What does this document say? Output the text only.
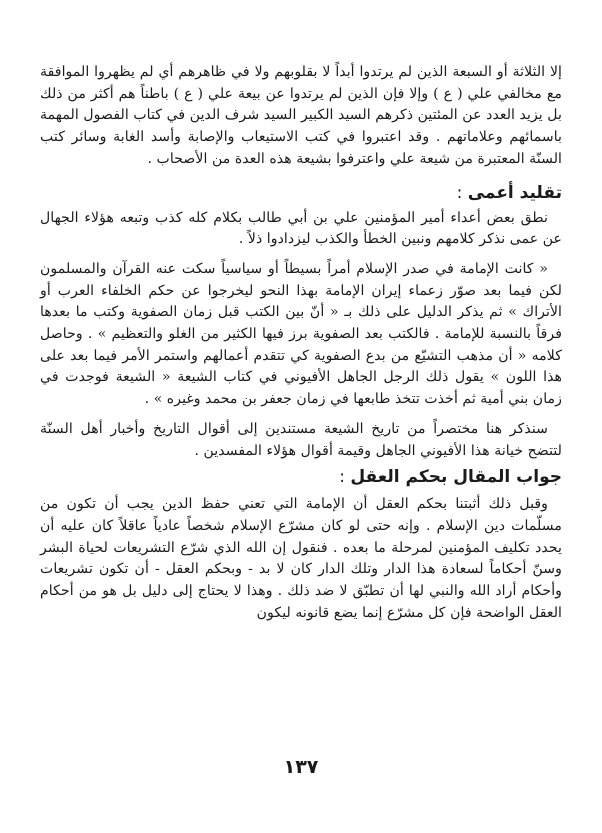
إلا الثلاثة أو السبعة الذين لم يرتدوا أبداً لا بقلوبهم ولا في ظاهرهم أي لم يظهروا الموافقة مع مخالفي علي ( ع ) وإلا فإن الذين لم يرتدوا عن بيعة علي ( ع ) باطناً هم أكثر من ذلك بل يزيد العدد عن المئتين ذكرهم السيد الكبير السيد شرف الدين في كتاب الفصول المهمة باسمائهم وعلاماتهم . وقد اعتبروا في كتب الاستيعاب والإصابة وأسد الغابة وسائر كتب السنّة المعتبرة من شيعة علي واعترفوا بشيعة هذه العدة من الأصحاب .

تقليد أعمى :

نطق بعض أعداء أمير المؤمنين علي بن أبي طالب بكلام كله كذب وتبعه هؤلاء الجهال عن عمى نذكر كلامهم ونبين الخطأ والكذب ليزدادوا ذلاً .

« كانت الإمامة في صدر الإسلام أمراً بسيطاً أو سياسياً سكت عنه القرآن والمسلمون لكن فيما بعد صوّر زعماء إيران الإمامة بهذا النحو ليخرجوا عن حكم الخلفاء العرب أو الأتراك » ثم يذكر الدليل على ذلك بـ « أنّ بين الكتب قبل زمان الصفوية وكتب ما بعدها فرقاً بالنسبة للإمامة . فالكتب بعد الصفوية برز فيها الكثير من الغلو والتعظيم » . وحاصل كلامه « أن مذهب التشيّع من بدع الصفوية كي تتقدم أعمالهم واستمر الأمر فيما بعد على هذا اللون » يقول ذلك الرجل الجاهل الأفيوني في كتاب الشيعة « الشيعة فوجدت في زمان بني أمية ثم أخذت تتخذ طابعها في زمان جعفر بن محمد وغيره » .

سنذكر هنا مختصراً من تاريخ الشيعة مستندين إلى أقوال التاريخ وأخبار أهل السنّة لتتضح خيانة هذا الأفيوني الجاهل وقيمة أقوال هؤلاء المفسدين .

جواب المقال بحكم العقل :

وقبل ذلك أثبتنا بحكم العقل أن الإمامة التي تعني حفظ الدين يجب أن تكون من مسلّمات دين الإسلام . وإنه حتى لو كان مشرّع الإسلام شخصاً عادياً عاقلاً كان عليه أن يحدد تكليف المؤمنين لمرحلة ما بعده . فنقول إن الله الذي شرّع التشريعات لحياة البشر وسنّ أحكاماً لسعادة هذا الدار وتلك الدار كان لا بد - وبحكم العقل - أن تكون تشريعات وأحكام أراد الله والنبي لها أن تطبّق لا ضد ذلك . وهذا لا يحتاج إلى دليل بل هو من أحكام العقل الواضحة فإن كل مشرّع إنما يضع قانونه ليكون

١٣٧
